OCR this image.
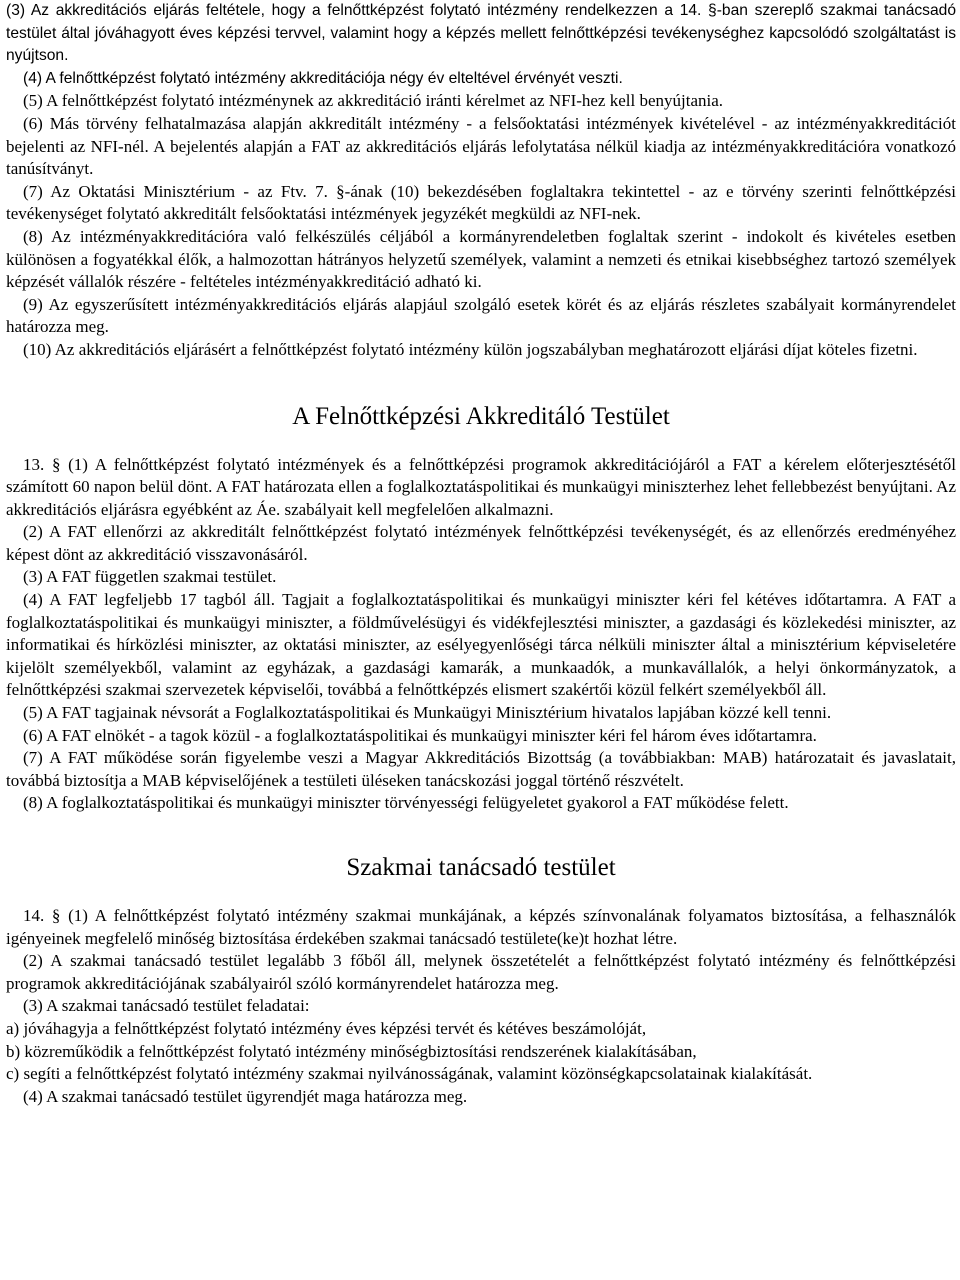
(3) Az akkreditációs eljárás feltétele, hogy a felnőttképzést folytató intézmény rendelkezzen a 14. §-ban szereplő szakmai tanácsadó testület által jóváhagyott éves képzési tervvel, valamint hogy a képzés mellett felnőttképzési tevékenységhez kapcsolódó szolgáltatást is nyújtson.

(4) A felnőttképzést folytató intézmény akkreditációja négy év elteltével érvényét veszti.

(5) A felnőttképzést folytató intézménynek az akkreditáció iránti kérelmet az NFI-hez kell benyújtania.

(6) Más törvény felhatalmazása alapján akkreditált intézmény - a felsőoktatási intézmények kivételével - az intézményakkreditációt bejelenti az NFI-nél. A bejelentés alapján a FAT az akkreditációs eljárás lefolytatása nélkül kiadja az intézményakkreditációra vonatkozó tanúsítványt.

(7) Az Oktatási Minisztérium - az Ftv. 7. §-ának (10) bekezdésében foglaltakra tekintettel - az e törvény szerinti felnőttképzési tevékenységet folytató akkreditált felsőoktatási intézmények jegyzékét megküldi az NFI-nek.

(8) Az intézményakkreditációra való felkészülés céljából a kormányrendeletben foglaltak szerint - indokolt és kivételes esetben különösen a fogyatékkal élők, a halmozottan hátrányos helyzetű személyek, valamint a nemzeti és etnikai kisebbséghez tartozó személyek képzését vállalók részére - feltételes intézményakkreditáció adható ki.

(9) Az egyszerűsített intézményakkreditációs eljárás alapjául szolgáló esetek körét és az eljárás részletes szabályait kormányrendelet határozza meg.

(10) Az akkreditációs eljárásért a felnőttképzést folytató intézmény külön jogszabályban meghatározott eljárási díjat köteles fizetni.

A Felnőttképzési Akkreditáló Testület

13. § (1) A felnőttképzést folytató intézmények és a felnőttképzési programok akkreditációjáról a FAT a kérelem előterjesztésétől számított 60 napon belül dönt. A FAT határozata ellen a foglalkoztatáspolitikai és munkaügyi miniszterhez lehet fellebbezést benyújtani. Az akkreditációs eljárásra egyébként az Áe. szabályait kell megfelelően alkalmazni.

(2) A FAT ellenőrzi az akkreditált felnőttképzést folytató intézmények felnőttképzési tevékenységét, és az ellenőrzés eredményéhez képest dönt az akkreditáció visszavonásáról.

(3) A FAT független szakmai testület.

(4) A FAT legfeljebb 17 tagból áll. Tagjait a foglalkoztatáspolitikai és munkaügyi miniszter kéri fel kétéves időtartamra. A FAT a foglalkoztatáspolitikai és munkaügyi miniszter, a földművelésügyi és vidékfejlesztési miniszter, a gazdasági és közlekedési miniszter, az informatikai és hírközlési miniszter, az oktatási miniszter, az esélyegyenlőségi tárca nélküli miniszter által a minisztérium képviseletére kijelölt személyekből, valamint az egyházak, a gazdasági kamarák, a munkaadók, a munkavállalók, a helyi önkormányzatok, a felnőttképzési szakmai szervezetek képviselői, továbbá a felnőttképzés elismert szakértői közül felkért személyekből áll.

(5) A FAT tagjainak névsorát a Foglalkoztatáspolitikai és Munkaügyi Minisztérium hivatalos lapjában közzé kell tenni.

(6) A FAT elnökét - a tagok közül - a foglalkoztatáspolitikai és munkaügyi miniszter kéri fel három éves időtartamra.

(7) A FAT működése során figyelembe veszi a Magyar Akkreditációs Bizottság (a továbbiakban: MAB) határozatait és javaslatait, továbbá biztosítja a MAB képviselőjének a testületi üléseken tanácskozási joggal történő részvételt.

(8) A foglalkoztatáspolitikai és munkaügyi miniszter törvényességi felügyeletet gyakorol a FAT működése felett.

Szakmai tanácsadó testület

14. § (1) A felnőttképzést folytató intézmény szakmai munkájának, a képzés színvonalának folyamatos biztosítása, a felhasználók igényeinek megfelelő minőség biztosítása érdekében szakmai tanácsadó testülete(ke)t hozhat létre.

(2) A szakmai tanácsadó testület legalább 3 főből áll, melynek összetételét a felnőttképzést folytató intézmény és felnőttképzési programok akkreditációjának szabályairól szóló kormányrendelet határozza meg.

(3) A szakmai tanácsadó testület feladatai:

a) jóváhagyja a felnőttképzést folytató intézmény éves képzési tervét és kétéves beszámolóját,

b) közreműködik a felnőttképzést folytató intézmény minőségbiztosítási rendszerének kialakításában,

c) segíti a felnőttképzést folytató intézmény szakmai nyilvánosságának, valamint közönségkapcsolatainak kialakítását.

(4) A szakmai tanácsadó testület ügyrendjét maga határozza meg.
